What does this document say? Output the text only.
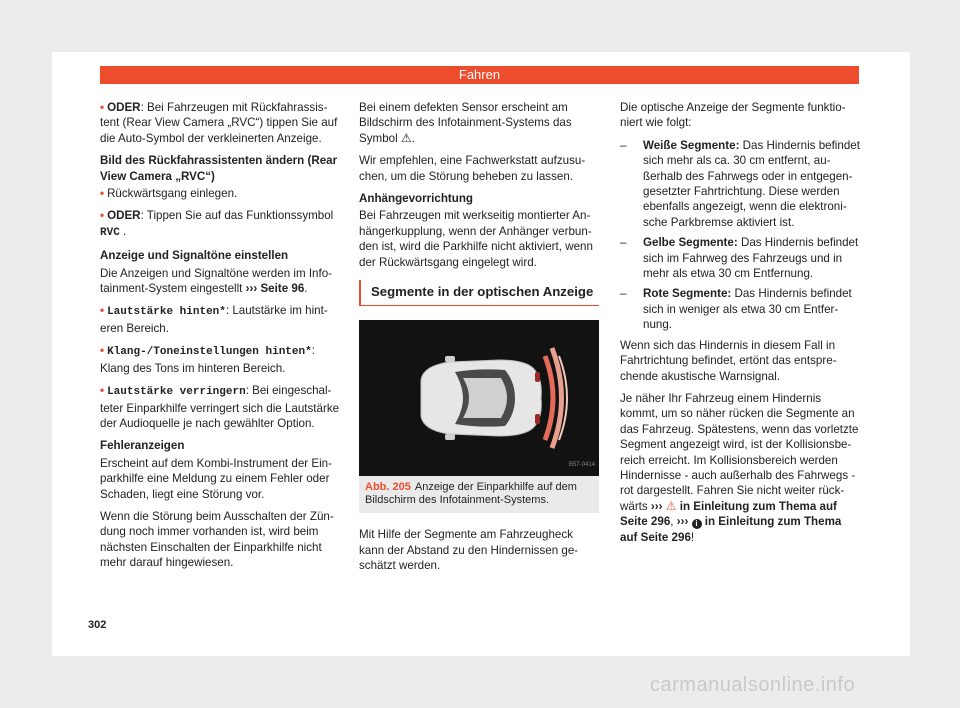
Fahren

• ODER: Bei Fahrzeugen mit Rückfahrassistent (Rear View Camera „RVC“) tippen Sie auf die Auto-Symbol der verkleinerten Anzeige.

Bild des Rückfahrassistenten ändern (Rear View Camera „RVC“)

• Rückwärtsgang einlegen.

• ODER: Tippen Sie auf das Funktionssymbol RVC .

Anzeige und Signaltöne einstellen

Die Anzeigen und Signaltöne werden im Infotainment-System eingestellt ››› Seite 96.

• Lautstärke hinten*: Lautstärke im hinteren Bereich.

• Klang-/Toneinstellungen hinten*: Klang des Tons im hinteren Bereich.

• Lautstärke verringern: Bei eingeschalteter Einparkhilfe verringert sich die Lautstärke der Audioquelle je nach gewählter Option.

Fehleranzeigen

Erscheint auf dem Kombi-Instrument der Einparkhilfe eine Meldung zu einem Fehler oder Schaden, liegt eine Störung vor.

Wenn die Störung beim Ausschalten der Zündung noch immer vorhanden ist, wird beim nächsten Einschalten der Einparkhilfe nicht mehr darauf hingewiesen.

Bei einem defekten Sensor erscheint am Bildschirm des Infotainment-Systems das Symbol ⚠.

Wir empfehlen, eine Fachwerkstatt aufzusuchen, um die Störung beheben zu lassen.

Anhängevorrichtung

Bei Fahrzeugen mit werkseitig montierter Anhängerkupplung, wenn der Anhänger verbunden ist, wird die Parkhilfe nicht aktiviert, wenn der Rückwärtsgang eingelegt wird.

Segmente in der optischen Anzeige

B57-0414

Abb. 205 Anzeige der Einparkhilfe auf dem Bildschirm des Infotainment-Systems.

Mit Hilfe der Segmente am Fahrzeugheck kann der Abstand zu den Hindernissen geschätzt werden.

Die optische Anzeige der Segmente funktioniert wie folgt:

– Weiße Segmente: Das Hindernis befindet sich mehr als ca. 30 cm entfernt, außerhalb des Fahrwegs oder in entgegengesetzter Fahrtrichtung. Diese werden ebenfalls angezeigt, wenn die elektronische Parkbremse aktiviert ist.

– Gelbe Segmente: Das Hindernis befindet sich im Fahrweg des Fahrzeugs und in mehr als etwa 30 cm Entfernung.

– Rote Segmente: Das Hindernis befindet sich in weniger als etwa 30 cm Entfernung.

Wenn sich das Hindernis in diesem Fall in Fahrtrichtung befindet, ertönt das entsprechende akustische Warnsignal.

Je näher Ihr Fahrzeug einem Hindernis kommt, um so näher rücken die Segmente an das Fahrzeug. Spätestens, wenn das vorletzte Segment angezeigt wird, ist der Kollisionsbereich erreicht. Im Kollisionsbereich werden Hindernisse - auch außerhalb des Fahrwegs - rot dargestellt. Fahren Sie nicht weiter rückwärts ››› ⚠ in Einleitung zum Thema auf Seite 296, ››› i in Einleitung zum Thema auf Seite 296!

302
carmanualsonline.info
